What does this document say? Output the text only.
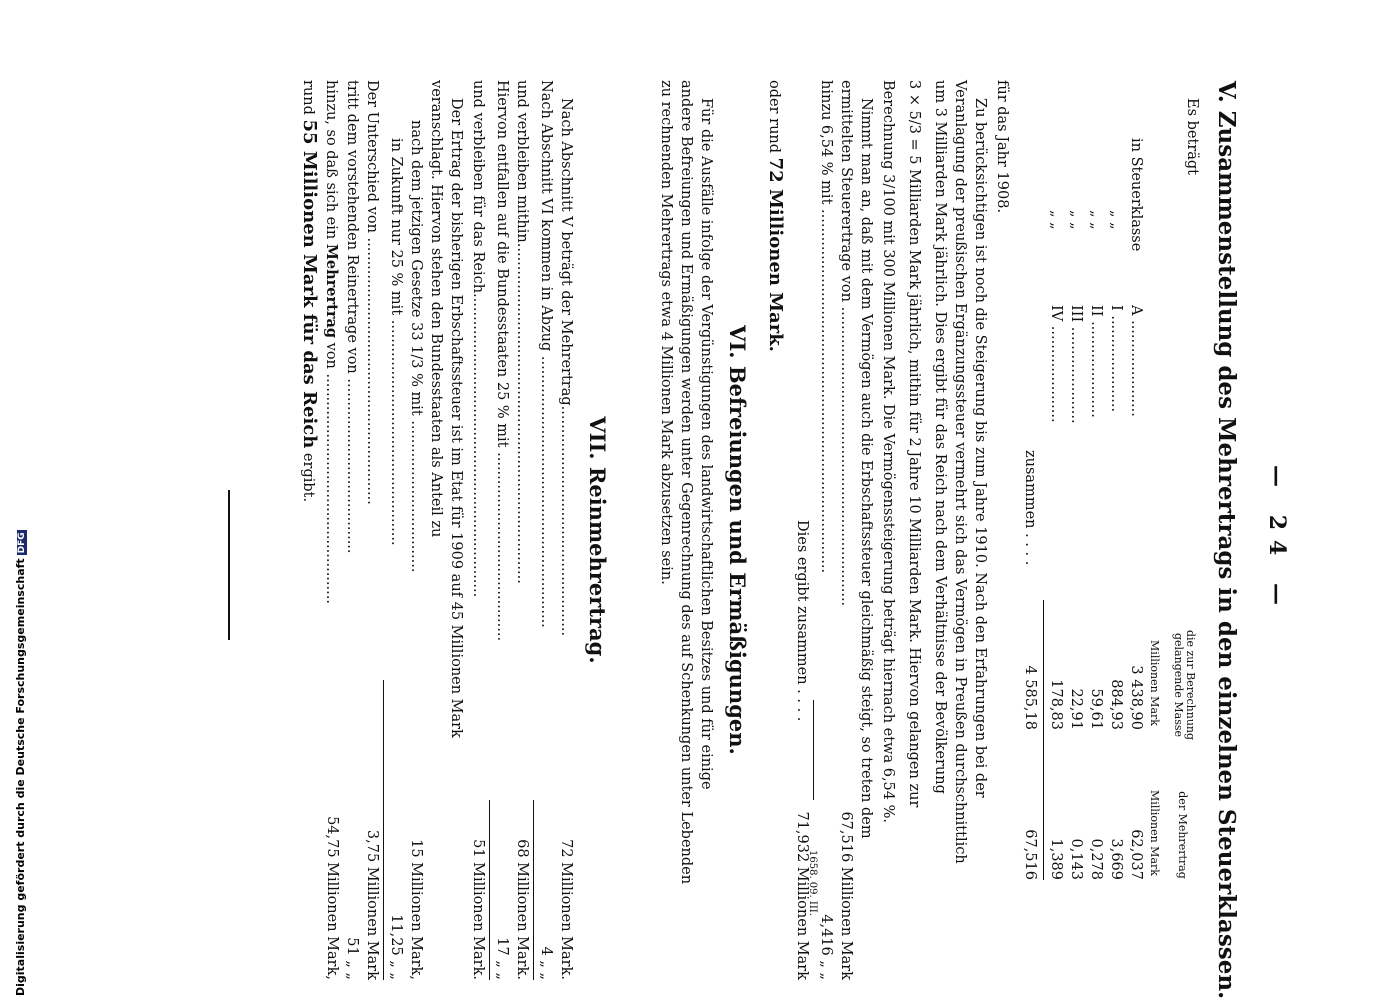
— 24 —
V. Zusammenstellung des Mehrertrags in den einzelnen Steuerklassen.
Es beträgt
die zur Berechnung
gelangende Masse
der Mehrertrag
Millionen Mark
Millionen Mark
in Steuerklasse
A .....................
3 438,90
62,037
„ „
I .....................
884,93
3,669
„ „
II .....................
59,61
0,278
„ „
III .....................
22,91
0,143
„ „
IV .....................
178,83
1,389
zusammen . . . .
4 585,18
67,516
für das Jahr 1908.
Zu berücksichtigen ist noch die Steigerung bis zum Jahre 1910. Nach den Erfahrungen bei der
Veranlagung der preußischen Ergänzungssteuer vermehrt sich das Vermögen in Preußen durchschnittlich
um 3 Milliarden Mark jährlich. Dies ergibt für das Reich nach dem Verhältnisse der Bevölkerung
3 × 5/3 = 5 Milliarden Mark jährlich, mithin für 2 Jahre 10 Milliarden Mark. Hiervon gelangen zur
Berechnung 3/100 mit 300 Millionen Mark. Die Vermögenssteigerung beträgt hiernach etwa 6,54 %.
Nimmt man an, daß mit dem Vermögen auch die Erbschaftssteuer gleichmäßig steigt, so treten dem
ermittelten Steuerertrage von .................................................................
67,516 Millionen Mark
hinzu 6,54 % mit ...............................................................................
4,416 „ „
Dies ergibt zusammen . . . .
71,932 Millionen Mark
oder rund 72 Millionen Mark.
VI. Befreiungen und Ermäßigungen.
Für die Ausfälle infolge der Vergünstigungen des landwirtschaftlichen Besitzes und für einige
andere Befreiungen und Ermäßigungen werden unter Gegenrechnung des auf Schenkungen unter Lebenden
zu rechnenden Mehrertrags etwa 4 Millionen Mark abzusetzen sein.
VII. Reinmehrertrag.
Nach Abschnitt V beträgt der Mehrertrag..................................................
72 Millionen Mark.
Nach Abschnitt VI kommen in Abzug ...........................................................
4 „ „
und verbleiben mithin..........................................................................
68 Millionen Mark.
Hiervon entfallen auf die Bundesstaaten 25 % mit .........................................
17 „ „
und verbleiben für das Reich..................................................................
51 Millionen Mark.
Der Ertrag der bisherigen Erbschaftssteuer ist im Etat für 1909 auf 45 Millionen Mark
veranschlagt. Hiervon stehen den Bundesstaaten als Anteil zu
nach dem jetzigen Gesetze 33 1/3 % mit .................................
15 Millionen Mark,
in Zukunft nur 25 % mit .................................................
11,25 „ „
Der Unterschied von ..........................................................
3,75 Millionen Mark
tritt dem vorstehenden Reinertrage von ......................................
51 „ „
hinzu, so daß sich ein Mehrertrag von ..................................................
54,75 Millionen Mark,
rund 55 Millionen Mark für das Reich ergibt.
1658. 09. III.
Digitalisierung gefördert durch die Deutsche ForschungsgemeinschaftDFG
